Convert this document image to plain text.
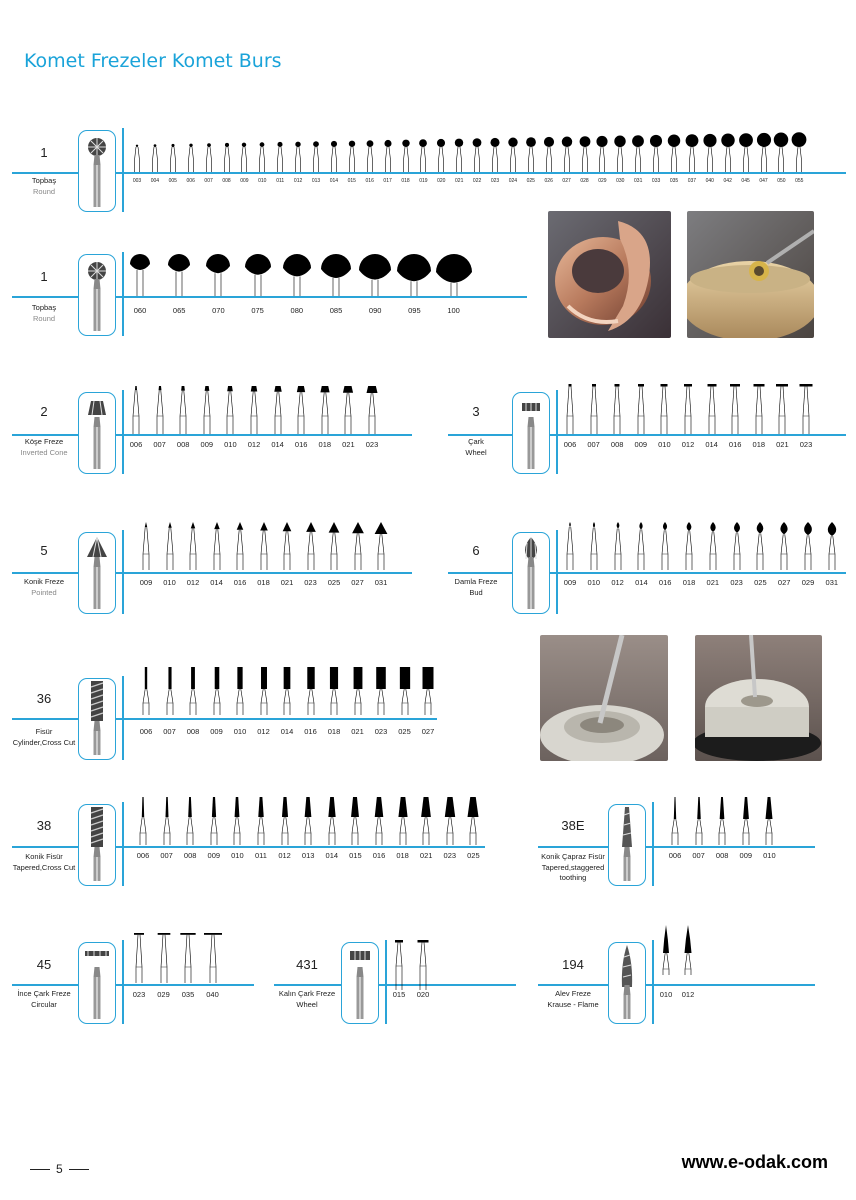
Komet Frezeler Komet Burs
1
Topbaş
Round
003	004	005	006	007	008	009	010	011	012	013	014	015	016	017	018	019	020	021	022	023	024	025	026	027	028	029	030	031	033	035	037	040	042	045	047	050	055
1
Topbaş
Round
060	065	070	075	080	085	090	095	100
2
Köşe Freze
Inverted Cone
006	007	008	009	010	012	014	016	018	021	023
3
Çark
Wheel
006	007	008	009	010	012	014	016	018	021	023
5
Konik Freze
Pointed
009	010	012	014	016	018	021	023	025	027	031
6
Damla Freze
Bud
009	010	012	014	016	018	021	023	025	027	029	031
36
Fisür
Cylinder,Cross Cut
006	007	008	009	010	012	014	016	018	021	023	025	027
38
Konik Fisür
Tapered,Cross Cut
006	007	008	009	010	011	012	013	014	015	016	018	021	023	025
38E
Konik Çapraz Fisür
Tapered,staggered toothing
006	007	008	009	010
45
İnce Çark Freze
Circular
023	029	035	040
431
Kalın Çark Freze
Wheel
015	020
194
Alev Freze
Krause - Flame
010	012
5	www.e-odak.com
